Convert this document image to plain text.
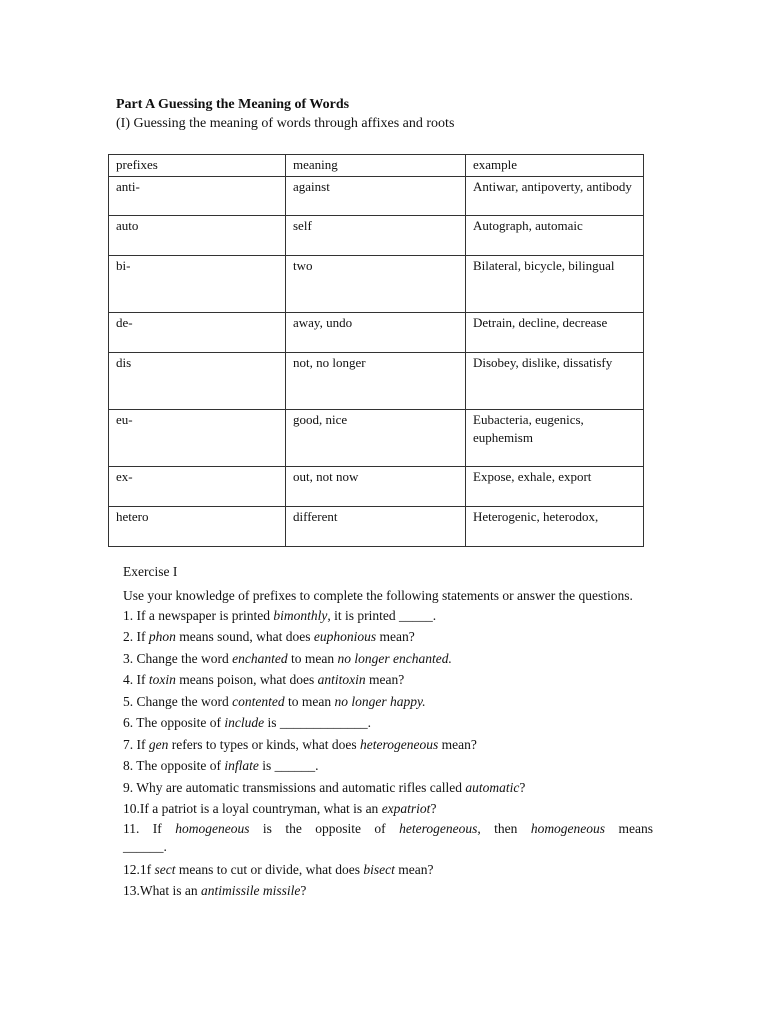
Part A Guessing the Meaning of Words

(I) Guessing the meaning of words through affixes and roots

prefixes	meaning	example
anti-	against	Antiwar, antipoverty, antibody
auto	self	Autograph, automaic
bi-	two	Bilateral, bicycle, bilingual
de-	away, undo	Detrain, decline, decrease
dis	not, no longer	Disobey, dislike, dissatisfy
eu-	good, nice	Eubacteria, eugenics, euphemism
ex-	out, not now	Expose, exhale, export
hetero	different	Heterogenic, heterodox,

Exercise I

Use your knowledge of prefixes to complete the following statements or answer the questions.

1. If a newspaper is printed bimonthly, it is printed _____.
2. If phon means sound, what does euphonious mean?
3. Change the word enchanted to mean no longer enchanted.
4. If toxin means poison, what does antitoxin mean?
5. Change the word contented to mean no longer happy.
6. The opposite of include is _____________.
7. If gen refers to types or kinds, what does heterogeneous mean?
8. The opposite of inflate is ______.
9. Why are automatic transmissions and automatic rifles called automatic?
10.If a patriot is a loyal countryman, what is an expatriot?
11. If homogeneous is the opposite of heterogeneous, then homogeneous means
______.
12.1f sect means to cut or divide, what does bisect mean?
13.What is an antimissile missile?
